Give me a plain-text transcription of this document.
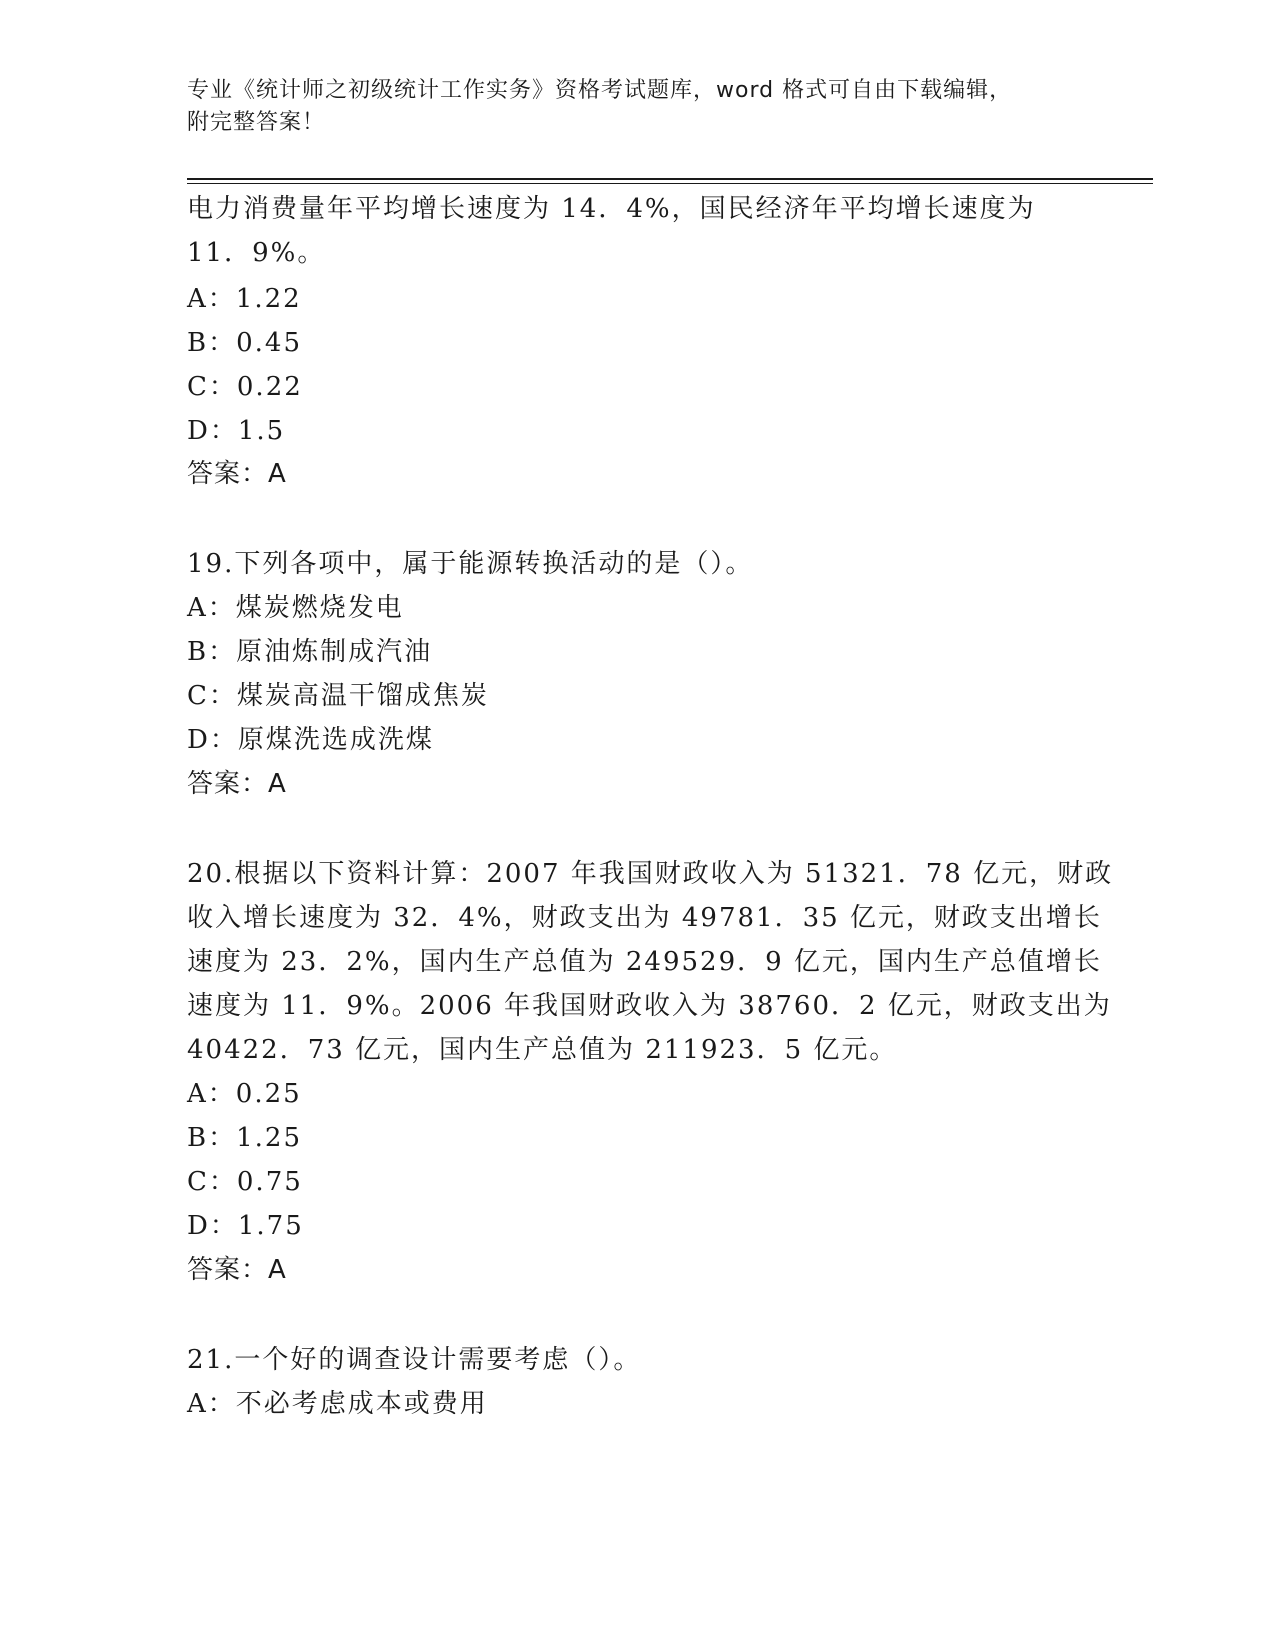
专业《统计师之初级统计工作实务》资格考试题库，word 格式可自由下载编辑，
附完整答案！
电力消费量年平均增长速度为 14．4%，国民经济年平均增长速度为
11．9%。
A：1.22
B：0.45
C：0.22
D：1.5
答案：A
19.下列各项中，属于能源转换活动的是（）。
A：煤炭燃烧发电
B：原油炼制成汽油
C：煤炭高温干馏成焦炭
D：原煤洗选成洗煤
答案：A
20.根据以下资料计算：2007 年我国财政收入为 51321．78 亿元，财政
收入增长速度为 32．4%，财政支出为 49781．35 亿元，财政支出增长
速度为 23．2%，国内生产总值为 249529．9 亿元，国内生产总值增长
速度为 11．9%。2006 年我国财政收入为 38760．2 亿元，财政支出为
40422．73 亿元，国内生产总值为 211923．5 亿元。
A：0.25
B：1.25
C：0.75
D：1.75
答案：A
21.一个好的调查设计需要考虑（）。
A：不必考虑成本或费用
